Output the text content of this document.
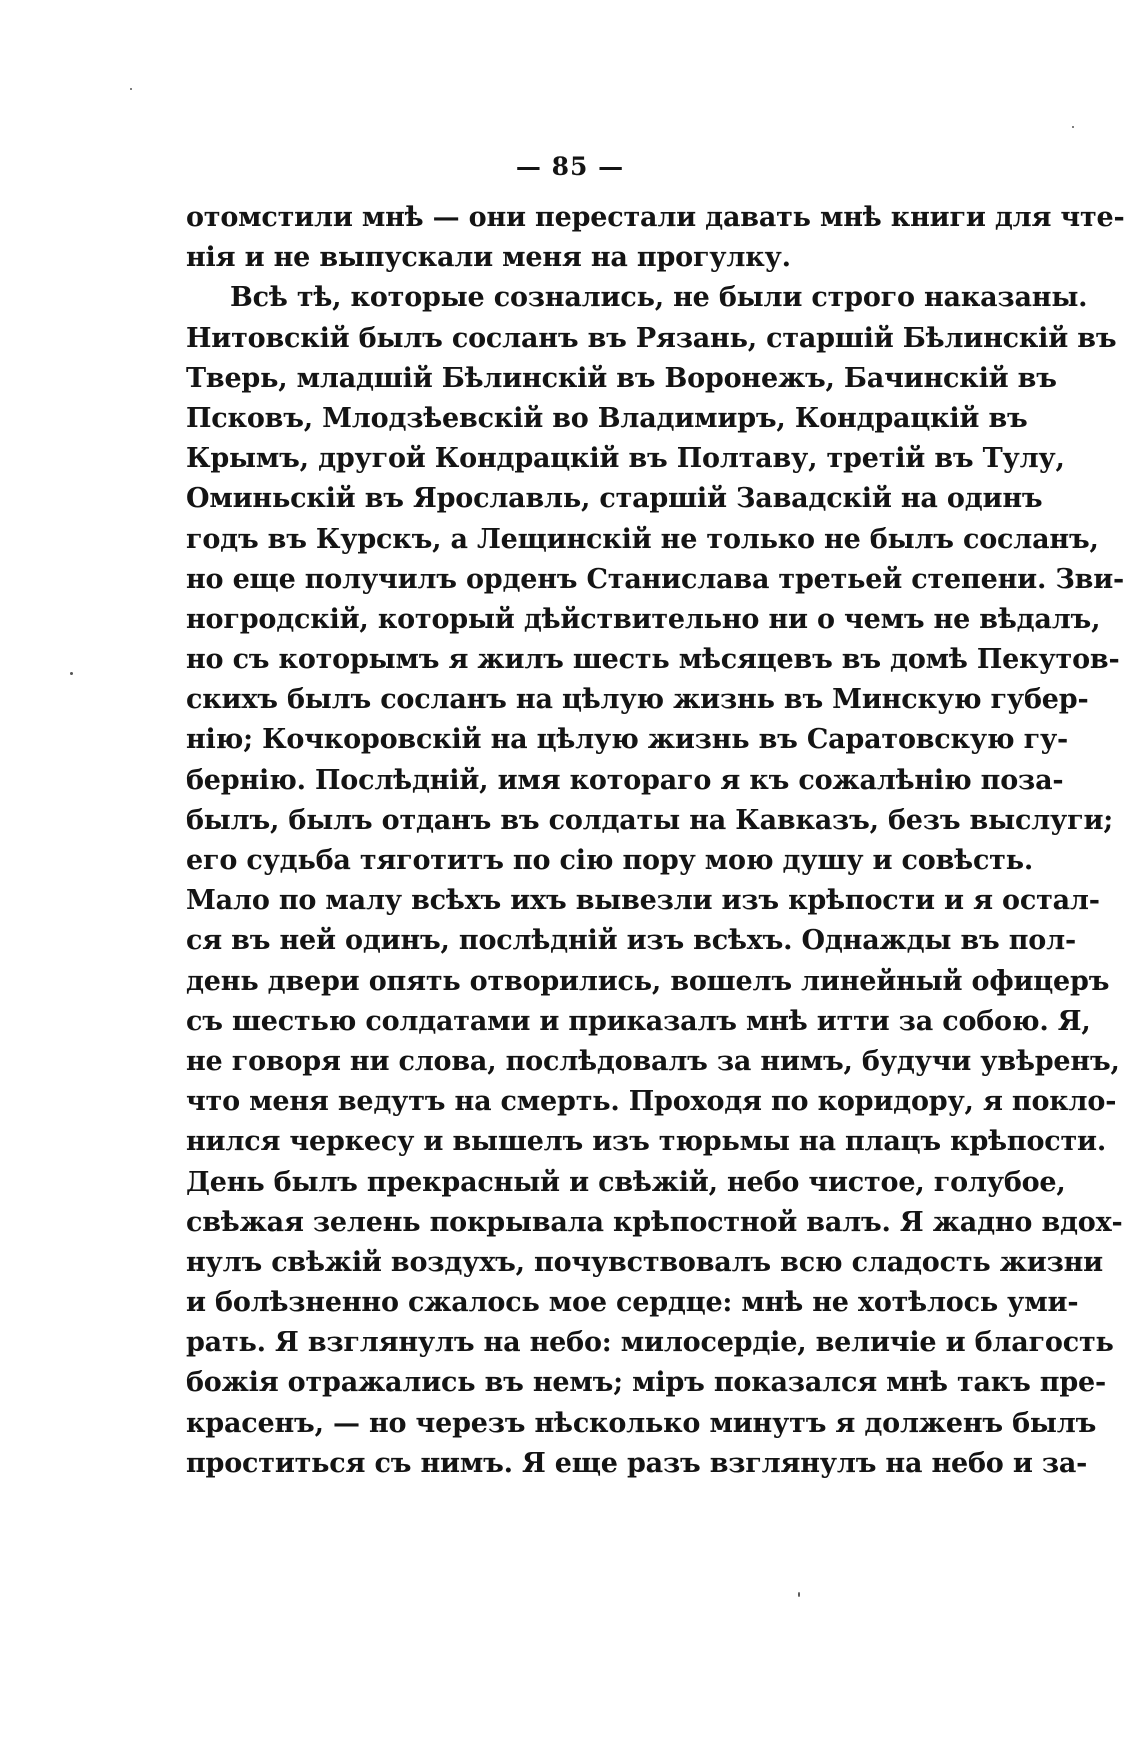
— 85 —
отомстили мнѣ — они перестали давать мнѣ книги для чте-
нія и не выпускали меня на прогулку.
Всѣ тѣ, которые сознались, не были строго наказаны.
Нитовскій былъ сосланъ въ Рязань, старшій Бѣлинскій въ
Тверь, младшій Бѣлинскій въ Воронежъ, Бачинскій въ
Псковъ, Млодзѣевскій во Владимиръ, Кондрацкій въ
Крымъ, другой Кондрацкій въ Полтаву, третій въ Тулу,
Оминьскій въ Ярославль, старшій Завадскій на одинъ
годъ въ Курскъ, а Лещинскій не только не былъ сосланъ,
но еще получилъ орденъ Станислава третьей степени. Зви-
ногродскій, который дѣйствительно ни о чемъ не вѣдалъ,
но съ которымъ я жилъ шесть мѣсяцевъ въ домѣ Пекутов-
скихъ былъ сосланъ на цѣлую жизнь въ Минскую губер-
нію; Кочкоровскій на цѣлую жизнь въ Саратовскую гу-
бернію. Послѣдній, имя котораго я къ сожалѣнію поза-
былъ, былъ отданъ въ солдаты на Кавказъ, безъ выслуги;
его судьба тяготитъ по сію пору мою душу и совѣсть.
Мало по малу всѣхъ ихъ вывезли изъ крѣпости и я остал-
ся въ ней одинъ, послѣдній изъ всѣхъ. Однажды въ пол-
день двери опять отворились, вошелъ линейный офицеръ
съ шестью солдатами и приказалъ мнѣ итти за собою. Я,
не говоря ни слова, послѣдовалъ за нимъ, будучи увѣренъ,
что меня ведутъ на смерть. Проходя по коридору, я покло-
нился черкесу и вышелъ изъ тюрьмы на плацъ крѣпости.
День былъ прекрасный и свѣжій, небо чистое, голубое,
свѣжая зелень покрывала крѣпостной валъ. Я жадно вдох-
нулъ свѣжій воздухъ, почувствовалъ всю сладость жизни
и болѣзненно сжалось мое сердце: мнѣ не хотѣлось уми-
рать. Я взглянулъ на небо: милосердіе, величіе и благость
божія отражались въ немъ; міръ показался мнѣ такъ пре-
красенъ, — но черезъ нѣсколько минутъ я долженъ былъ
проститься съ нимъ. Я еще разъ взглянулъ на небо и за-
